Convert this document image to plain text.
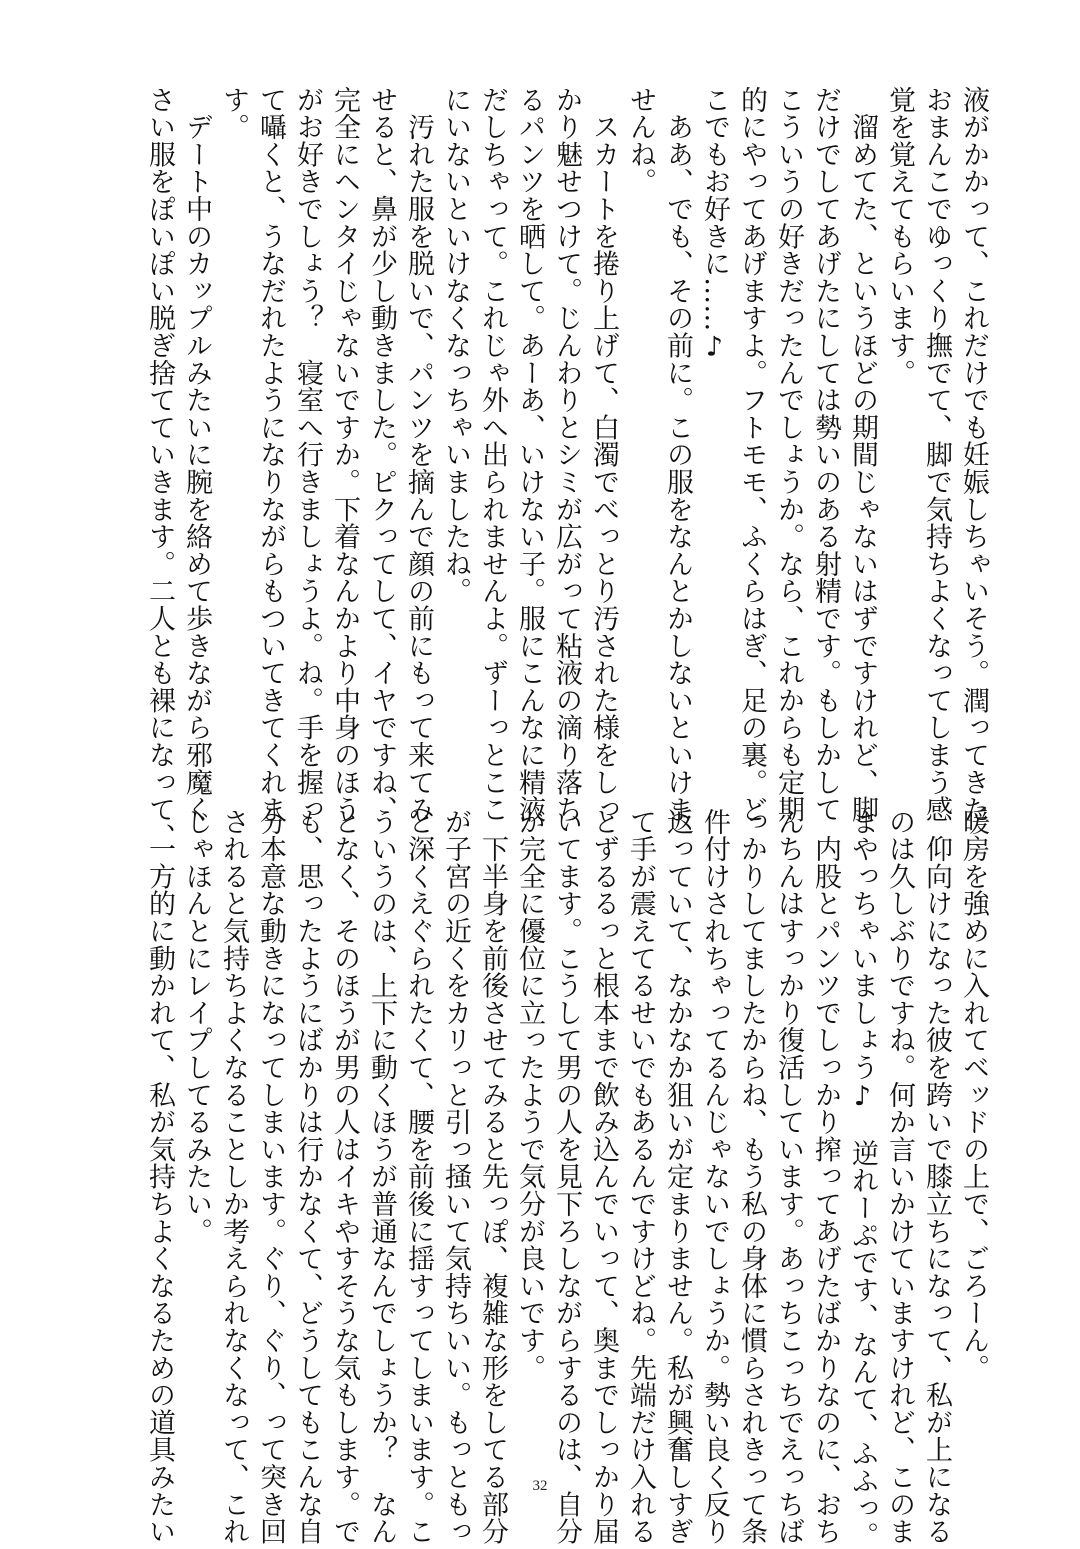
液がかかって、これだけでも妊娠しちゃいそう。潤ってきた
おまんこでゆっくり撫でて、脚で気持ちよくなってしまう感
覚を覚えてもらいます。
　溜めてた、というほどの期間じゃないはずですけれど、脚
だけでしてあげたにしては勢いのある射精です。もしかして
こういうの好きだったんでしょうか。なら、これからも定期
的にやってあげますよ。フトモモ、ふくらはぎ、足の裏。ど
こでもお好きに……♪
　ああ、でも、その前に。この服をなんとかしないといけま
せんね。
　スカートを捲り上げて、白濁でべっとり汚された様をしっ
かり魅せつけて。じんわりとシミが広がって粘液の滴り落ち
るパンツを晒して。あーあ、いけない子。服にこんなに精液
だしちゃって。これじゃ外へ出られませんよ。ずーっとここ
にいないといけなくなっちゃいましたね。
　汚れた服を脱いで、パンツを摘んで顔の前にもって来てみ
せると、鼻が少し動きました。ピクってして、イヤですね、
完全にヘンタイじゃないですか。下着なんかより中身のほう
がお好きでしょう？　寝室へ行きましょうよ。ね。手を握っ
て囁くと、うなだれたようになりながらもついてきてくれま
す。
　デート中のカップルみたいに腕を絡めて歩きながら邪魔く
さい服をぽいぽい脱ぎ捨てていきます。二人とも裸になって、
暖房を強めに入れてベッドの上で、ごろーん。
　仰向けになった彼を跨いで膝立ちになって、私が上になる
のは久しぶりですね。何か言いかけていますけれど、このま
まやっちゃいましょう♪　逆れーぷです、なんて、ふふっ。
　内股とパンツでしっかり搾ってあげたばかりなのに、おち
んちんはすっかり復活しています。あっちこっちでえっちば
っかりしてましたからね、もう私の身体に慣らされきって条
件付けされちゃってるんじゃないでしょうか。勢い良く反り
返っていて、なかなか狙いが定まりません。私が興奮しすぎ
て手が震えてるせいでもあるんですけどね。先端だけ入れる
とずるるっと根本まで飲み込んでいって、奥までしっかり届
いてます。こうして男の人を見下ろしながらするのは、自分
が完全に優位に立ったようで気分が良いです。
　下半身を前後させてみると先っぽ、複雑な形をしてる部分
が子宮の近くをカリっと引っ掻いて気持ちいい。もっともっ
と深くえぐられたくて、腰を前後に揺すってしまいます。こ
ういうのは、上下に動くほうが普通なんでしょうか？　なん
となく、そのほうが男の人はイキやすそうな気もします。で
も、思ったようにばかりは行かなくて、どうしてもこんな自
分本意な動きになってしまいます。ぐり、ぐり、って突き回
されると気持ちよくなることしか考えられなくなって、これ
じゃほんとにレイプしてるみたい。
　一方的に動かれて、私が気持ちよくなるための道具みたい	32
